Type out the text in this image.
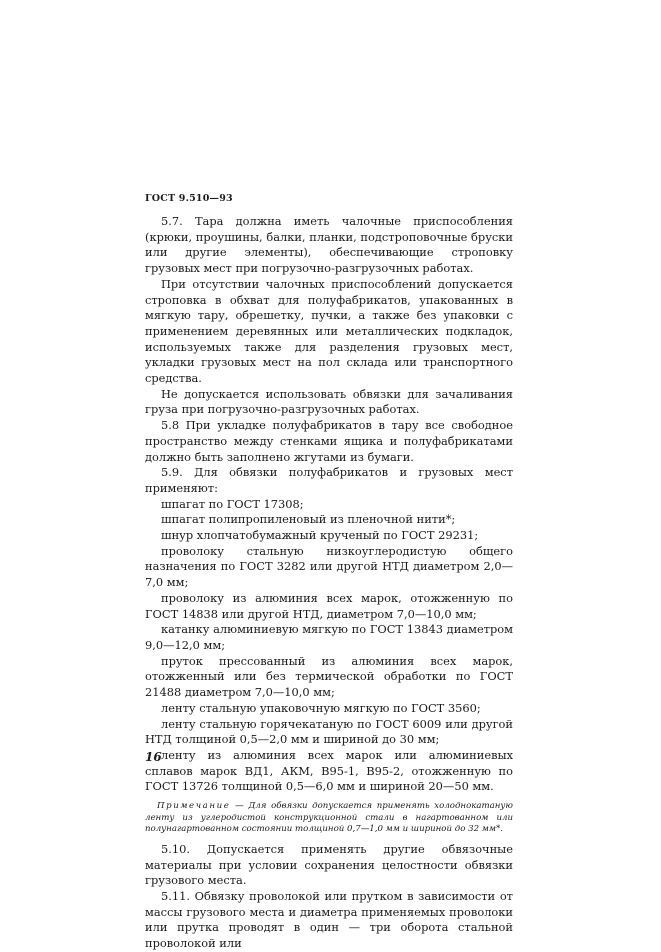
ГОСТ 9.510—93

5.7. Тара должна иметь чалочные приспособления (крюки, проушины, балки, планки, подстроповочные бруски или другие элементы), обеспечивающие строповку грузовых мест при погрузочно-разгрузочных работах.

При отсутствии чалочных приспособлений допускается строповка в обхват для полуфабрикатов, упакованных в мягкую тару, обрешетку, пучки, а также без упаковки с применением деревянных или металлических подкладок, используемых также для разделения грузовых мест, укладки грузовых мест на пол склада или транспортного средства.

Не допускается использовать обвязки для зачаливания груза при погрузочно-разгрузочных работах.

5.8 При укладке полуфабрикатов в тару все свободное пространство между стенками ящика и полуфабрикатами должно быть заполнено жгутами из бумаги.

5.9. Для обвязки полуфабрикатов и грузовых мест применяют:

шпагат по ГОСТ 17308;

шпагат полипропиленовый из пленочной нити*;

шнур хлопчатобумажный крученый по ГОСТ 29231;

проволоку стальную низкоуглеродистую общего назначения по ГОСТ 3282 или другой НТД диаметром 2,0—7,0 мм;

проволоку из алюминия всех марок, отожженную по ГОСТ 14838 или другой НТД, диаметром 7,0—10,0 мм;

катанку алюминиевую мягкую по ГОСТ 13843 диаметром 9,0—12,0 мм;

пруток прессованный из алюминия всех марок, отожженный или без термической обработки по ГОСТ 21488 диаметром 7,0—10,0 мм;

ленту стальную упаковочную мягкую по ГОСТ 3560;

ленту стальную горячекатаную по ГОСТ 6009 или другой НТД толщиной 0,5—2,0 мм и шириной до 30 мм;

ленту из алюминия всех марок или алюминиевых сплавов марок ВД1, АКМ, В95-1, В95-2, отожженную по ГОСТ 13726 толщиной 0,5—6,0 мм и шириной 20—50 мм.

Примечание — Для обвязки допускается применять холоднокатаную ленту из углеродистой конструкционной стали в нагартованном или полунагартованном состоянии толщиной 0,7—1,0 мм и шириной до 32 мм*.

5.10. Допускается применять другие обвязочные материалы при условии сохранения целостности обвязки грузового места.

5.11. Обвязку проволокой или прутком в зависимости от массы грузового места и диаметра применяемых проволоки или прутка проводят в один — три оборота стальной проволокой или

16
